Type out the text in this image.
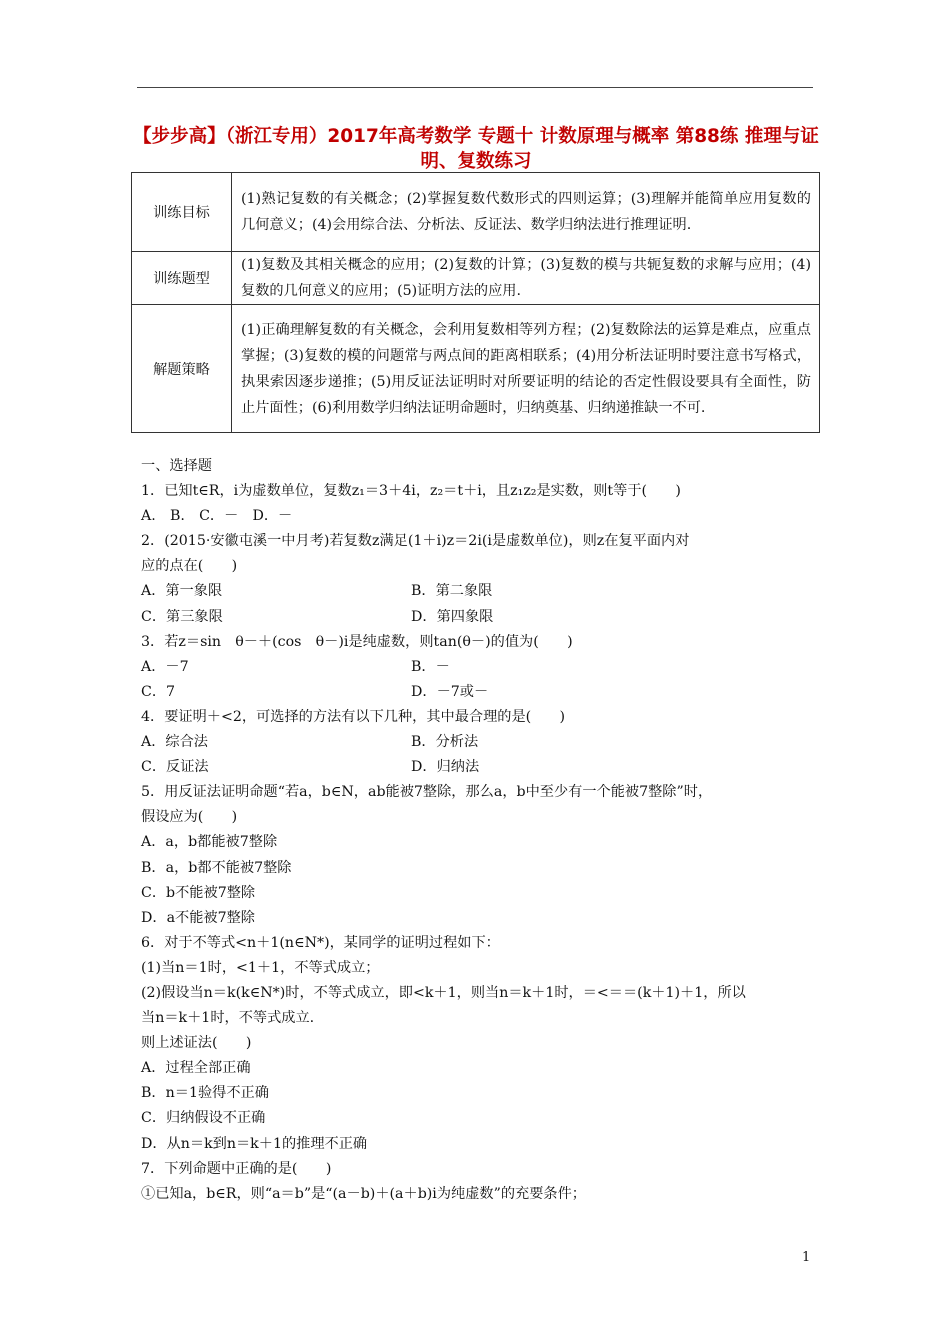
【步步高】（浙江专用）2017年高考数学 专题十 计数原理与概率 第88练 推理与证明、复数练习
训练目标	(1)熟记复数的有关概念；(2)掌握复数代数形式的四则运算；(3)理解并能简单应用复数的几何意义；(4)会用综合法、分析法、反证法、数学归纳法进行推理证明.
训练题型	(1)复数及其相关概念的应用；(2)复数的计算；(3)复数的模与共轭复数的求解与应用；(4)复数的几何意义的应用；(5)证明方法的应用.
解题策略	(1)正确理解复数的有关概念，会利用复数相等列方程；(2)复数除法的运算是难点，应重点掌握；(3)复数的模的问题常与两点间的距离相联系；(4)用分析法证明时要注意书写格式，执果索因逐步递推；(5)用反证法证明时对所要证明的结论的否定性假设要具有全面性，防止片面性；(6)利用数学归纳法证明命题时，归纳奠基、归纳递推缺一不可.
一、选择题
1．已知t∈R，i为虚数单位，复数z₁＝3＋4i，z₂＝t＋i，且z₁z₂是实数，则t等于(　　)
A.　B.　C．－　D．－
2．(2015·安徽屯溪一中月考)若复数z满足(1＋i)z＝2i(i是虚数单位)，则z在复平面内对
应的点在(　　)
A．第一象限	B．第二象限
C．第三象限	D．第四象限
3．若z＝sin　θ－＋(cos　θ－)i是纯虚数，则tan(θ－)的值为(　　)
A．－7	B．－
C．7	D．－7或－
4．要证明＋<2，可选择的方法有以下几种，其中最合理的是(　　)
A．综合法	B．分析法
C．反证法	D．归纳法
5．用反证法证明命题“若a，b∈N，ab能被7整除，那么a，b中至少有一个能被7整除”时，
假设应为(　　)
A．a，b都能被7整除
B．a，b都不能被7整除
C．b不能被7整除
D．a不能被7整除
6．对于不等式<n＋1(n∈N*)，某同学的证明过程如下：
(1)当n＝1时，<1＋1，不等式成立；
(2)假设当n＝k(k∈N*)时，不等式成立，即<k＋1，则当n＝k＋1时，＝<＝＝(k＋1)＋1，所以
当n＝k＋1时，不等式成立.
则上述证法(　　)
A．过程全部正确
B．n＝1验得不正确
C．归纳假设不正确
D．从n＝k到n＝k＋1的推理不正确
7．下列命题中正确的是(　　)
①已知a，b∈R，则“a＝b”是“(a－b)＋(a＋b)i为纯虚数”的充要条件；
1
